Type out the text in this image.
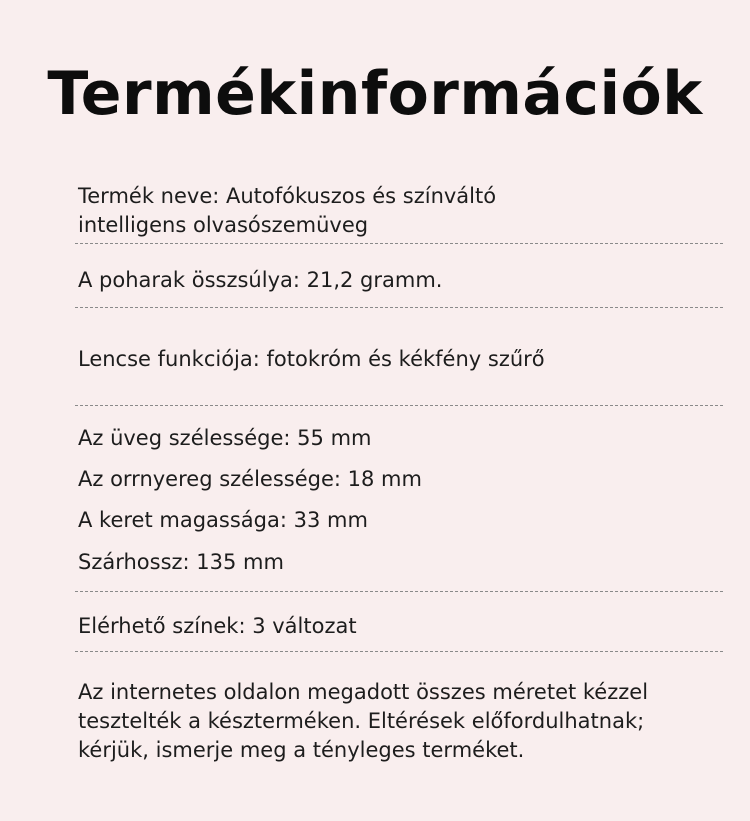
Termékinformációk
Termék neve: Autofókuszos és színváltó
intelligens olvasószemüveg
A poharak összsúlya: 21,2 gramm.
Lencse funkciója: fotokróm és kékfény szűrő
Az üveg szélessége: 55 mm
Az orrnyereg szélessége: 18 mm
A keret magassága: 33 mm
Szárhossz: 135 mm
Elérhető színek: 3 változat
Az internetes oldalon megadott összes méretet kézzel
tesztelték a készterméken. Eltérések előfordulhatnak;
kérjük, ismerje meg a tényleges terméket.
